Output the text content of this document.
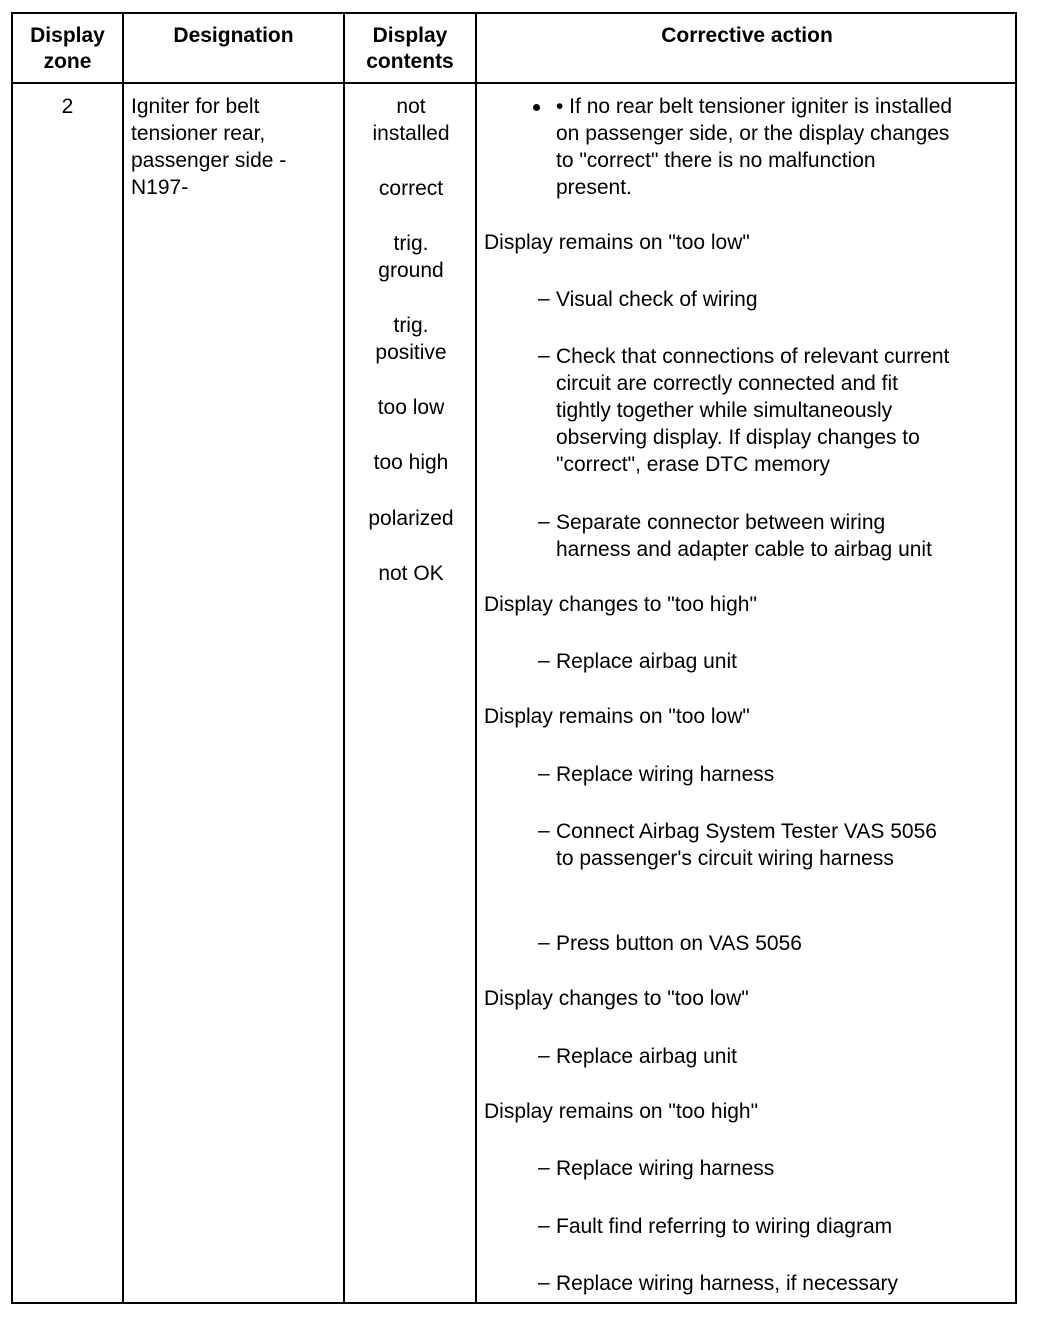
Display
zone
Designation	Display
contents
Corrective action
2	Igniter for belt
tensioner rear,
passenger side -
N197-
not
installed
correct
trig.
ground
trig.
positive
too low
too high
polarized
not OK
• If no rear belt tensioner igniter is installed
on passenger side, or the display changes
to "correct" there is no malfunction
present.
Display remains on "too low"
– Visual check of wiring
– Check that connections of relevant current
circuit are correctly connected and fit
tightly together while simultaneously
observing display. If display changes to
"correct", erase DTC memory
– Separate connector between wiring
harness and adapter cable to airbag unit
Display changes to "too high"
– Replace airbag unit
Display remains on "too low"
– Replace wiring harness
– Connect Airbag System Tester VAS 5056
to passenger's circuit wiring harness
– Press button on VAS 5056
Display changes to "too low"
– Replace airbag unit
Display remains on "too high"
– Replace wiring harness
– Fault find referring to wiring diagram
– Replace wiring harness, if necessary
